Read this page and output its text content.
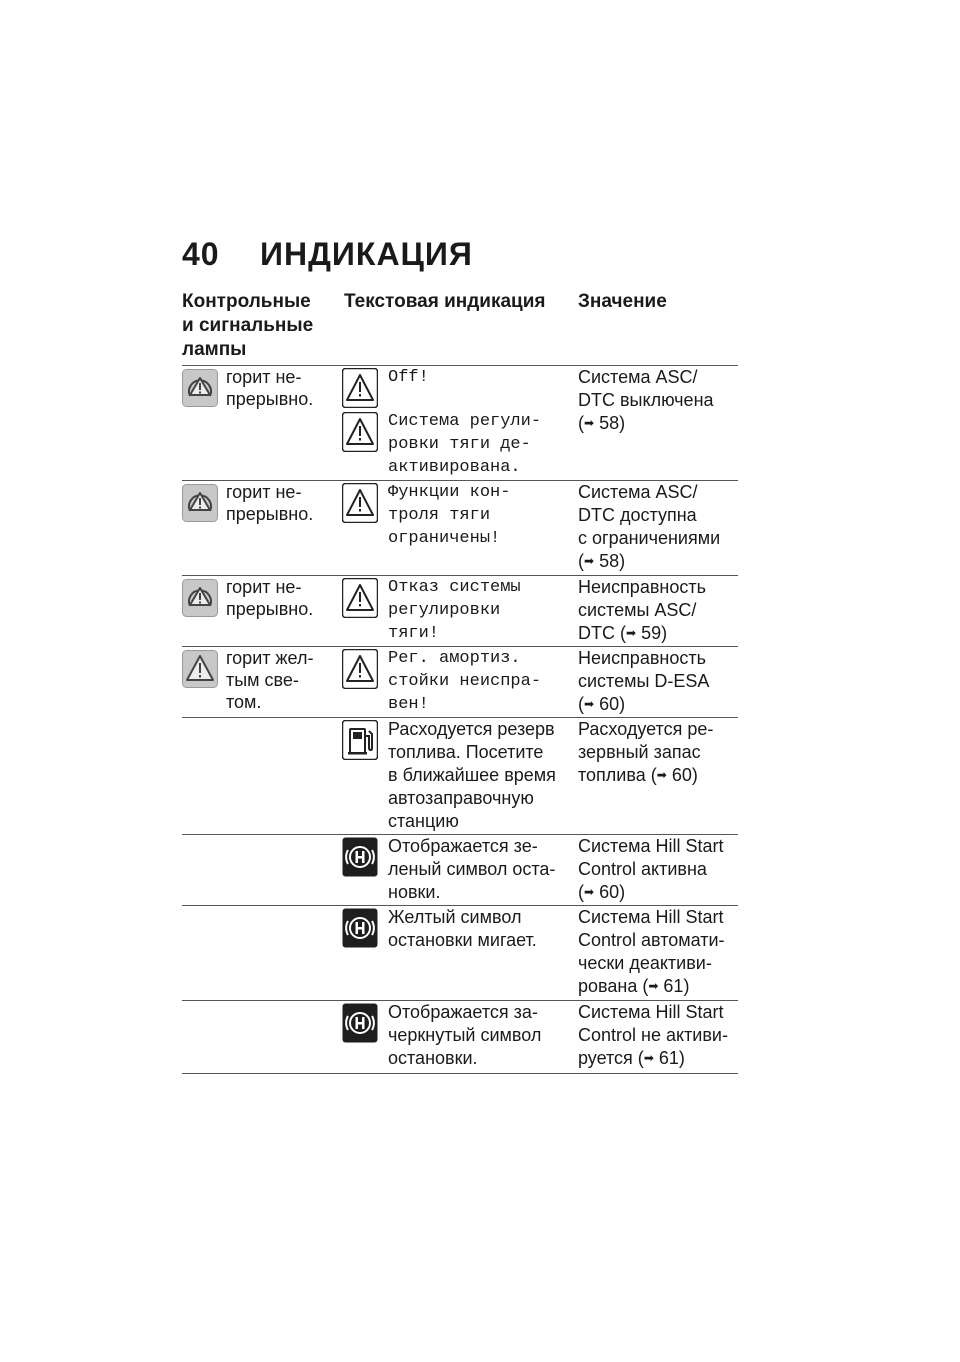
40 ИНДИКАЦИЯ
Контрольные
и сигнальные
лампы
Текстовая индикация	Значение
горит не-
прерывно.
Off!
Система регули-
ровки тяги де-
активирована.
Система ASC/
DTC выключена
(➡ 58)
горит не-
прерывно.
Функции кон-
троля тяги
ограничены!
Система ASC/
DTC доступна
с ограничениями
(➡ 58)
горит не-
прерывно.
Отказ системы
регулировки
тяги!
Неисправность
системы ASC/
DTC (➡ 59)
горит жел-
тым све-
том.
Рег. амортиз.
стойки неиспра-
вен!
Неисправность
системы D-ESA
(➡ 60)
Расходуется резерв
топлива. Посетите
в ближайшее время
автозаправочную
станцию
Расходуется ре-
зервный запас
топлива (➡ 60)
Отображается зе-
леный символ оста-
новки.
Система Hill Start
Control активна
(➡ 60)
Желтый символ
остановки мигает.
Система Hill Start
Control автомати-
чески деактиви-
рована (➡ 61)
Отображается за-
черкнутый символ
остановки.
Система Hill Start
Control не активи-
руется (➡ 61)
